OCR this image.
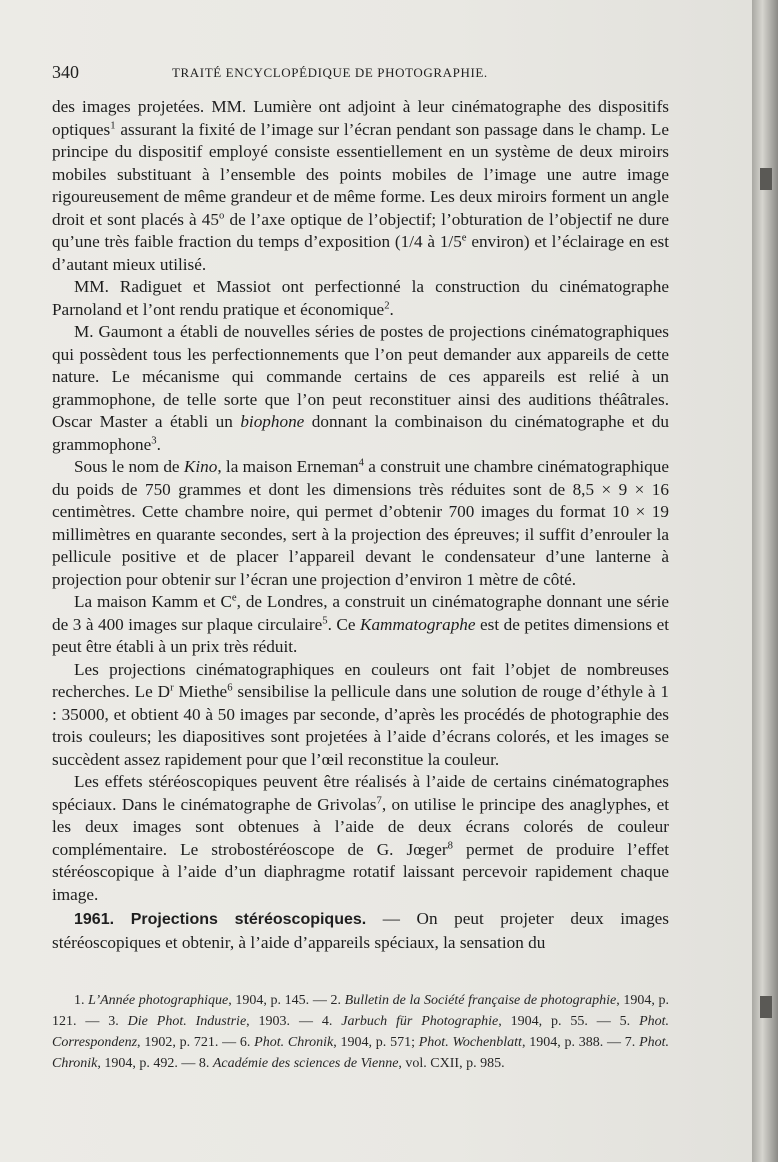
340	TRAITÉ ENCYCLOPÉDIQUE DE PHOTOGRAPHIE.

des images projetées. MM. Lumière ont adjoint à leur cinématographe des dispositifs optiques$^1$ assurant la fixité de l’image sur l’écran pendant son passage dans le champ. Le principe du dispositif employé consiste essentiellement en un système de deux miroirs mobiles substituant à l’ensemble des points mobiles de l’image une autre image rigoureusement de même grandeur et de même forme. Les deux miroirs forment un angle droit et sont placés à 45$^o$ de l’axe optique de l’objectif; l’obturation de l’objectif ne dure qu’une très faible fraction du temps d’exposition (1/4 à 1/5e environ) et l’éclairage en est d’autant mieux utilisé.

MM. Radiguet et Massiot ont perfectionné la construction du cinématographe Parnoland et l’ont rendu pratique et économique$^2$.

M. Gaumont a établi de nouvelles séries de postes de projections cinématographiques qui possèdent tous les perfectionnements que l’on peut demander aux appareils de cette nature. Le mécanisme qui commande certains de ces appareils est relié à un grammophone, de telle sorte que l’on peut reconstituer ainsi des auditions théâtrales. Oscar Master a établi un biophone donnant la combinaison du cinématographe et du grammophone$^3$.

Sous le nom de Kino, la maison Erneman$^4$ a construit une chambre cinématographique du poids de 750 grammes et dont les dimensions très réduites sont de 8,5 × 9 × 16 centimètres. Cette chambre noire, qui permet d’obtenir 700 images du format 10 × 19 millimètres en quarante secondes, sert à la projection des épreuves; il suffit d’enrouler la pellicule positive et de placer l’appareil devant le condensateur d’une lanterne à projection pour obtenir sur l’écran une projection d’environ 1 mètre de côté.

La maison Kamm et Ce, de Londres, a construit un cinématographe donnant une série de 3 à 400 images sur plaque circulaire$^5$. Ce Kammatographe est de petites dimensions et peut être établi à un prix très réduit.

Les projections cinématographiques en couleurs ont fait l’objet de nombreuses recherches. Le $D^r$ Miethe$^6$ sensibilise la pellicule dans une solution de rouge d’éthyle à 1 : 35000, et obtient 40 à 50 images par seconde, d’après les procédés de photographie des trois couleurs; les diapositives sont projetées à l’aide d’écrans colorés, et les images se succèdent assez rapidement pour que l’œil reconstitue la couleur.

Les effets stéréoscopiques peuvent être réalisés à l’aide de certains cinématographes spéciaux. Dans le cinématographe de Grivolas$^7$, on utilise le principe des anaglyphes, et les deux images sont obtenues à l’aide de deux écrans colorés de couleur complémentaire. Le strobostéréoscope de G. Jœger$^8$ permet de produire l’effet stéréoscopique à l’aide d’un diaphragme rotatif laissant percevoir rapidement chaque image.

1961. Projections stéréoscopiques. — On peut projeter deux images stéréoscopiques et obtenir, à l’aide d’appareils spéciaux, la sensation du

1. L’Année photographique, 1904, p. 145. — 2. Bulletin de la Société française de photographie, 1904, p. 121. — 3. Die Phot. Industrie, 1903. — 4. Jarbuch für Photographie, 1904, p. 55. — 5. Phot. Correspondenz, 1902, p. 721. — 6. Phot. Chronik, 1904, p. 571; Phot. Wochenblatt, 1904, p. 388. — 7. Phot. Chronik, 1904, p. 492. — 8. Académie des sciences de Vienne, vol. CXII, p. 985.
